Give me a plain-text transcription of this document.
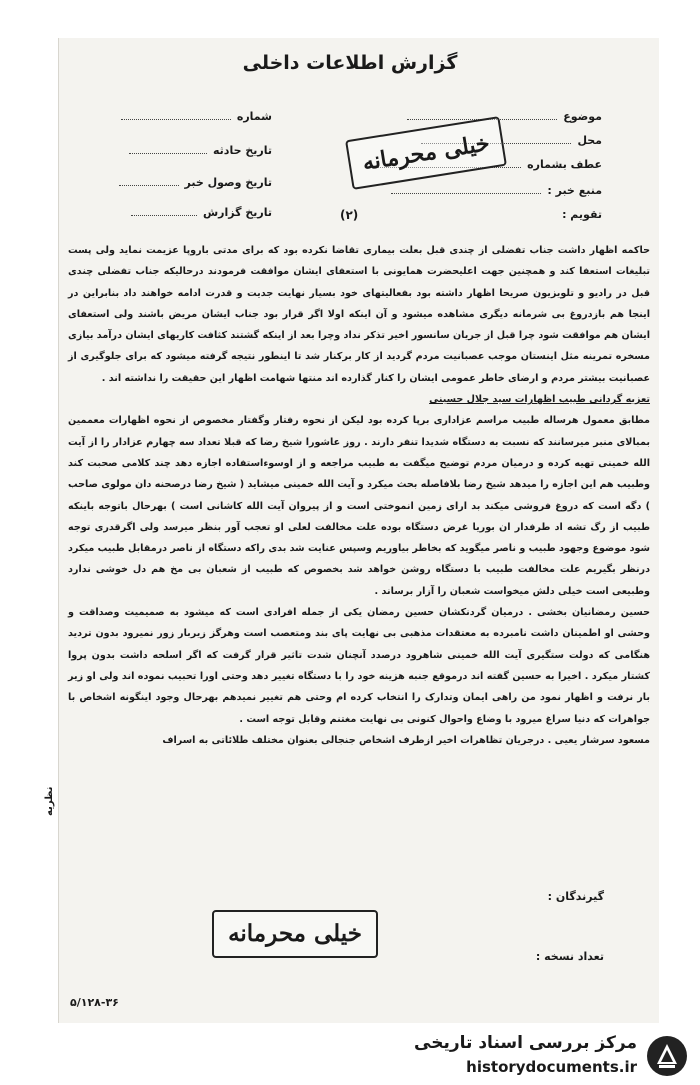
گزارش اطلاعات داخلی
موضوع
محل
عطف بشماره
منبع خبر :
تقویم :
شماره
تاریخ حادثه
تاریخ وصول خبر
تاریخ گزارش
خیلی محرمانه
(۲)

حاکمه اظهار داشت جناب تفضلی از چندی قبل بعلت بیماری تقاضا نکرده بود که برای مدتی باروپا عزیمت نماید ولی پست تبلیغات استعفا کند و همچنین جهت اعلیحضرت همایونی با استعفای ایشان موافقت فرمودند درحالیکه جناب تفضلی چندی قبل در رادیو و تلویزیون صریحا اظهار داشته بود بفعالیتهای خود بسیار نهایت جدیت و قدرت ادامه خواهند داد بنابراین در اینجا هم بازدروغ بی شرمانه دیگری مشاهده میشود و آن اینکه اولا اگر قرار بود جناب ایشان مریض باشند ولی استعفای ایشان هم موافقت شود چرا قبل از جریان سانسور اخیر تذکر نداد وچرا بعد از اینکه گشتند کثافت کاریهای ایشان درآمد بیازی مسخره تمرینه مثل اینستان موجب عصبانیت مردم گردید از کار برکنار شد تا اینطور نتیجه گرفته میشود که برای جلوگیری از عصبانیت بیشتر مردم و ارضای خاطر عمومی ایشان را کنار گذارده اند منتها شهامت اظهار این حقیقت را نداشته اند .

تعزیه گردانی طبیب اظهارات سید جلال حسینی

مطابق معمول هرساله طبیب مراسم عزاداری برپا کرده بود لیکن از نحوه رفتار وگفتار مخصوص از نحوه اظهارات معممین بمبالای منبر میرسانند که نسبت به دستگاه شدیدا تنفر دارند . روز عاشورا شیخ رضا که قبلا تعداد سه چهارم عزادار را از آیت الله خمینی تهیه کرده و درمیان مردم توضیح میگفت به طبیب مراجعه و از اوسوءاستفاده اجازه دهد چند کلامی صحبت کند وطبیب هم این اجازه را میدهد شیخ رضا بلافاصله بحث میکرد و آیت الله خمینی میشاید ( شیخ رضا درصحنه دان مولوی صاحب ) دگه است که دروغ فروشی میکند بد ارای زمین انموختی است و از پیروان آیت الله کاشانی است ) بهرحال باتوجه باینکه طبیب از رگ تشه اد طرفدار ان بوریا غرض دستگاه بوده علت مخالفت لعلی او تعجب آور بنظر میرسد ولی اگرقدری توجه شود موضوع وجهود طبیب و ناصر میگوید که بخاطر بیاوریم وسپس عنایت شد بدی راکه دستگاه از ناصر درمقابل طبیب میکرد درنظر بگیریم علت مخالفت طبیب با دستگاه روشن خواهد شد بخصوص که طبیب از شعبان بی مخ هم دل خوشی ندارد وطبیعی است خیلی دلش میخواست شعبان را آزار برساند .

حسین رمضانیان بخشی . درمیان گردنکشان حسین رمضان یکی از جمله افرادی است که میشود به صمیمیت وصداقت و وحشی او اطمینان داشت نامبرده به معتقدات مذهبی بی نهایت پای بند ومتعصب است وهرگز زیربار زور نمیرود بدون تردید هنگامی که دولت ستگیری آیت الله خمینی شاهرود درصدد آنچنان شدت تاثیر قرار گرفت که اگر اسلحه داشت بدون پروا کشتار میکرد . اخیرا به حسین گفته اند درموقع جنبه هزینه خود را با دستگاه تغییر دهد وحتی اورا تحبیب نموده اند ولی او زیر بار نرفت و اظهار نمود من راهی ایمان وتدارک را انتخاب کرده ام وحتی هم تغییر نمیدهم بهرحال وجود اینگونه اشخاص با جواهرات که دنیا سراغ میرود با وضاع واحوال کنونی بی نهایت مغتنم وقابل توجه است .

مسعود سرشار یعیی . درجریان تظاهرات اخیر ازطرف اشخاص جنجالی بعنوان مختلف طلائاتی به اسراف

نظریه
گیرندگان :
تعداد نسخه :
خیلی محرمانه
۵/۱۲۸-۳۶
مرکز بررسی اسناد تاریخی
historydocuments.ir
